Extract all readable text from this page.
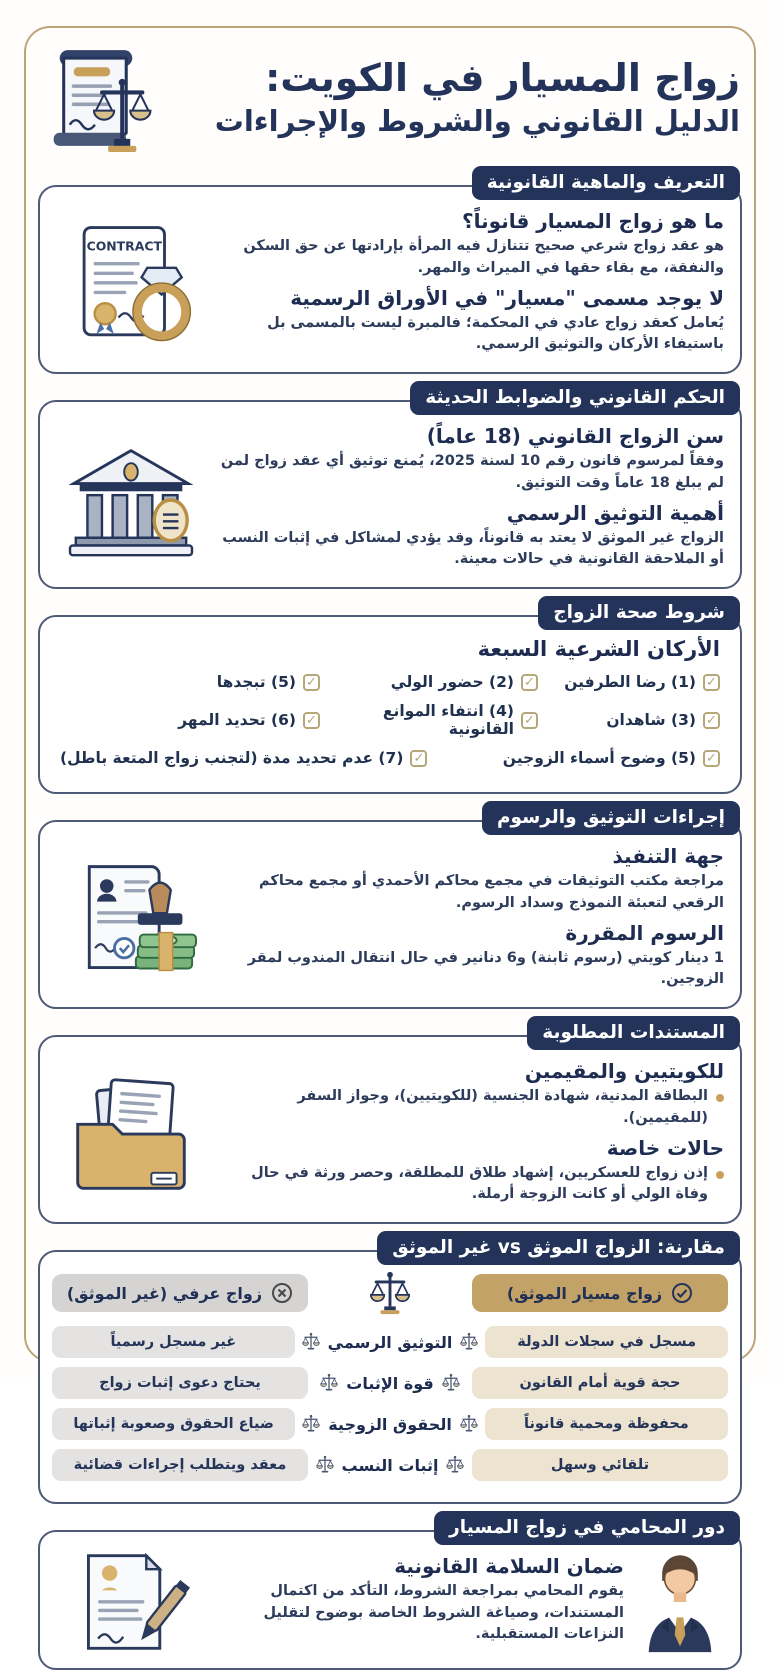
زواج المسيار في الكويت:
الدليل القانوني والشروط والإجراءات
التعريف والماهية القانونية
ما هو زواج المسيار قانوناً؟
هو عقد زواج شرعي صحيح تتنازل فيه المرأة بإرادتها عن حق السكن والنفقة، مع بقاء حقها في الميراث والمهر.
لا يوجد مسمى "مسيار" في الأوراق الرسمية
يُعامل كعقد زواج عادي في المحكمة؛ فالمبرة ليست بالمسمى بل باستيفاء الأركان والتوثيق الرسمي.
CONTRACT
الحكم القانوني والضوابط الحديثة
سن الزواج القانوني (18 عاماً)
وفقاً لمرسوم قانون رقم 10 لسنة 2025، يُمنع توثيق أي عقد زواج لمن لم يبلغ 18 عاماً وقت التوثيق.
أهمية التوثيق الرسمي
الزواج غير الموثق لا يعتد به قانوناً، وقد يؤدي لمشاكل في إثبات النسب أو الملاحقة القانونية في حالات معينة.
شروط صحة الزواج
الأركان الشرعية السبعة
✓
(1) رضا الطرفين
✓
(2) حضور الولي
✓
(5) تبجدها
✓
(3) شاهدان
✓
(4) انتفاء الموانع القانونية
✓
(6) تحديد المهر
✓
(5) وضوح أسماء الزوجين
✓
(7) عدم تحديد مدة (لتجنب زواج المتعة باطل)
إجراءات التوثيق والرسوم
جهة التنفيذ
مراجعة مكتب التوثيقات في مجمع محاكم الأحمدي أو مجمع محاكم الرقعي لتعبئة النموذج وسداد الرسوم.
الرسوم المقررة
1 دينار كويتي (رسوم ثابنة) و6 دنانير في حال انتقال المندوب لمقر الزوجين.
المستندات المطلوبة
للكويتيين والمقيمين
البطاقة المدنية، شهادة الجنسية (للكويتيين)، وجواز السفر (للمقيمين).
حالات خاصة
إذن زواج للعسكريين، إشهاد طلاق للمطلقة، وحصر ورثة في حال وفاة الولي أو كانت الزوجة أرملة.
مقارنة: الزواج الموثق vs غير الموثق
زواج مسيار الموثق)
زواج عرفي (غير الموثق)
مسجل في سجلات الدولة
التوثيق الرسمي
غير مسجل رسمياً
حجة قوية أمام القانون
قوة الإثبات
يحتاج دعوى إثبات زواج
محفوظة ومحمية قانوناً
الحقوق الزوجية
ضياع الحقوق وصعوبة إثباتها
تلقائي وسهل
إثبات النسب
معقد ويتطلب إجراءات قضائية
دور المحامي في زواج المسيار
ضمان السلامة القانونية
يقوم المحامي بمراجعة الشروط، التأكد من اكتمال المستندات، وصياغة الشروط الخاصة بوضوح لتقليل النزاعات المستقبلية.
